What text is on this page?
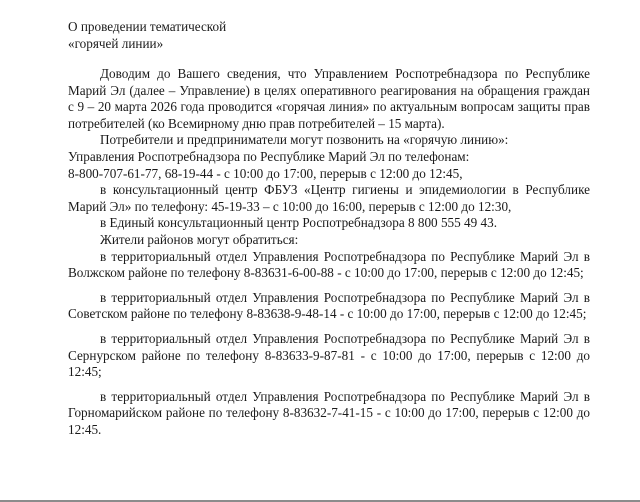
О проведении тематической
«горячей линии»

Доводим до Вашего сведения, что Управлением Роспотребнадзора по Республике Марий Эл (далее – Управление) в целях оперативного реагирования на обращения граждан с 9 – 20 марта 2026 года проводится «горячая линия» по актуальным вопросам защиты прав потребителей (ко Всемирному дню прав потребителей – 15 марта).

Потребители и предприниматели могут позвонить на «горячую линию»:
Управления Роспотребнадзора по Республике Марий Эл по телефонам:
8-800-707-61-77, 68-19-44 - с 10:00 до 17:00, перерыв с 12:00 до 12:45,

в консультационный центр ФБУЗ «Центр гигиены и эпидемиологии в Республике Марий Эл» по телефону: 45-19-33 – с 10:00 до 16:00, перерыв с 12:00 до 12:30,

в Единый консультационный центр Роспотребнадзора 8 800 555 49 43.
Жители районов могут обратиться:

в территориальный отдел Управления Роспотребнадзора по Республике Марий Эл в Волжском районе по телефону 8-83631-6-00-88 - с 10:00 до 17:00, перерыв с 12:00 до 12:45;

в территориальный отдел Управления Роспотребнадзора по Республике Марий Эл в Советском районе по телефону 8-83638-9-48-14 - с 10:00 до 17:00, перерыв с 12:00 до 12:45;

в территориальный отдел Управления Роспотребнадзора по Республике Марий Эл в Сернурском районе по телефону 8-83633-9-87-81 - с 10:00 до 17:00, перерыв с 12:00 до 12:45;

в территориальный отдел Управления Роспотребнадзора по Республике Марий Эл в Горномарийском районе по телефону 8-83632-7-41-15 - с 10:00 до 17:00, перерыв с 12:00 до 12:45.
